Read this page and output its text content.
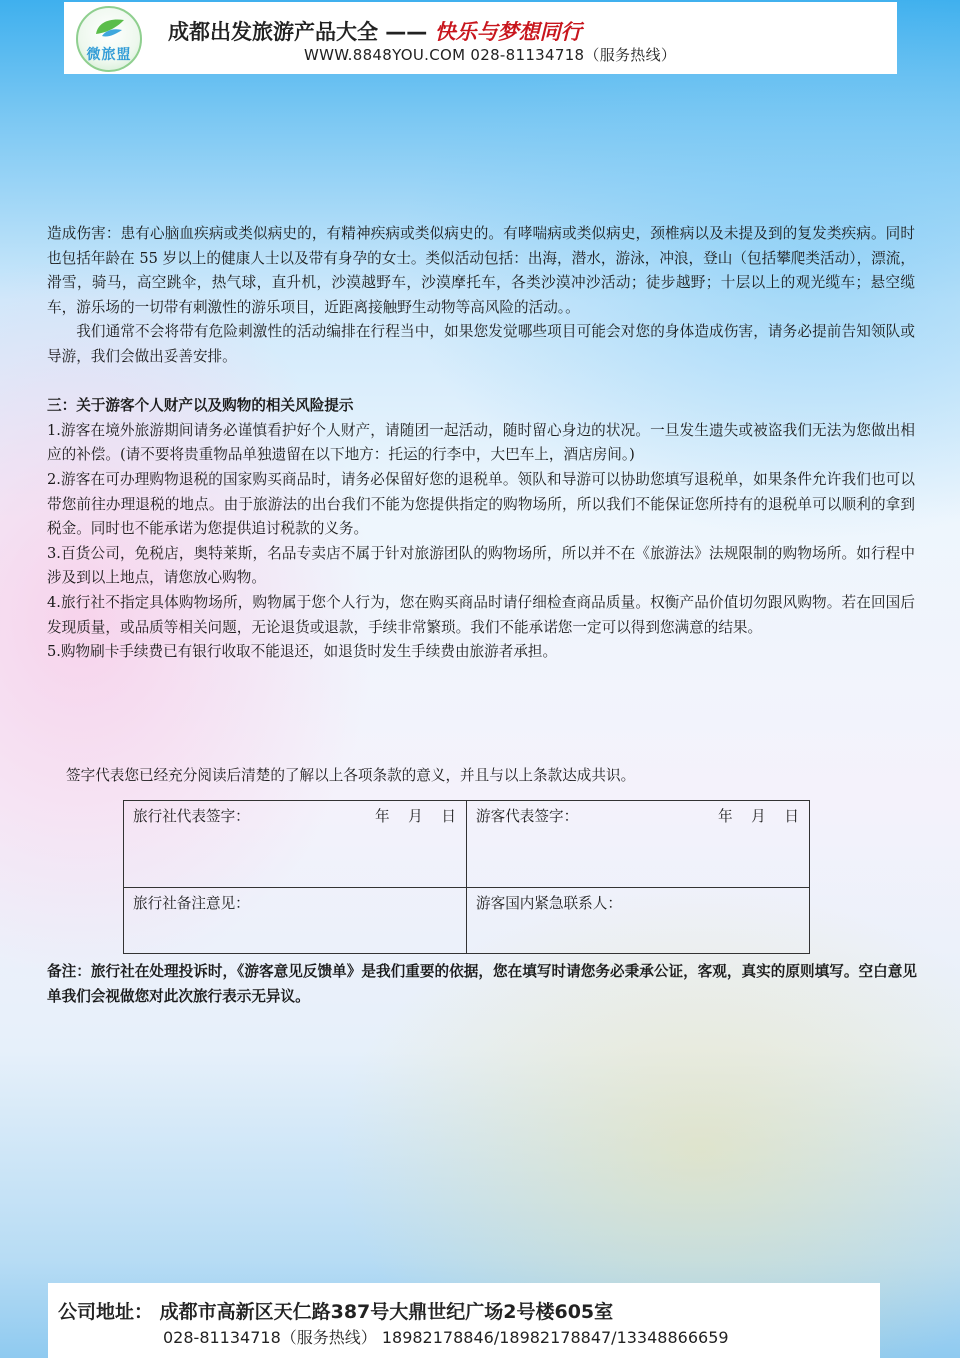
微旅盟
成都出发旅游产品大全 —— 快乐与梦想同行
WWW.8848YOU.COM 028-81134718（服务热线）

造成伤害：患有心脑血疾病或类似病史的，有精神疾病或类似病史的。有哮喘病或类似病史，颈椎病以及未提及到的复发类疾病。同时也包括年龄在 55 岁以上的健康人士以及带有身孕的女士。类似活动包括：出海，潜水，游泳，冲浪，登山（包括攀爬类活动），漂流，滑雪，骑马，高空跳伞，热气球，直升机，沙漠越野车，沙漠摩托车，各类沙漠冲沙活动；徒步越野；十层以上的观光缆车；悬空缆车，游乐场的一切带有刺激性的游乐项目，近距离接触野生动物等高风险的活动。。

我们通常不会将带有危险刺激性的活动编排在行程当中，如果您发觉哪些项目可能会对您的身体造成伤害，请务必提前告知领队或导游，我们会做出妥善安排。

三：关于游客个人财产以及购物的相关风险提示

1.游客在境外旅游期间请务必谨慎看护好个人财产，请随团一起活动，随时留心身边的状况。一旦发生遗失或被盗我们无法为您做出相应的补偿。(请不要将贵重物品单独遗留在以下地方：托运的行李中，大巴车上，酒店房间。)

2.游客在可办理购物退税的国家购买商品时，请务必保留好您的退税单。领队和导游可以协助您填写退税单，如果条件允许我们也可以带您前往办理退税的地点。由于旅游法的出台我们不能为您提供指定的购物场所，所以我们不能保证您所持有的退税单可以顺利的拿到税金。同时也不能承诺为您提供追讨税款的义务。

3.百货公司，免税店，奥特莱斯，名品专卖店不属于针对旅游团队的购物场所，所以并不在《旅游法》法规限制的购物场所。如行程中涉及到以上地点，请您放心购物。

4.旅行社不指定具体购物场所，购物属于您个人行为，您在购买商品时请仔细检查商品质量。权衡产品价值切勿跟风购物。若在回国后发现质量，或品质等相关问题，无论退货或退款，手续非常繁琐。我们不能承诺您一定可以得到您满意的结果。

5.购物刷卡手续费已有银行收取不能退还，如退货时发生手续费由旅游者承担。

签字代表您已经充分阅读后清楚的了解以上各项条款的意义，并且与以上条款达成共识。
旅行社代表签字： 年 月 日	游客代表签字： 年 月 日

旅行社备注意见：	游客国内紧急联系人：
备注：旅行社在处理投诉时，《游客意见反馈单》是我们重要的依据，您在填写时请您务必秉承公证，客观，真实的原则填写。空白意见单我们会视做您对此次旅行表示无异议。
公司地址： 成都市高新区天仁路387号大鼎世纪广场2号楼605室
028-81134718（服务热线） 18982178846/18982178847/13348866659
